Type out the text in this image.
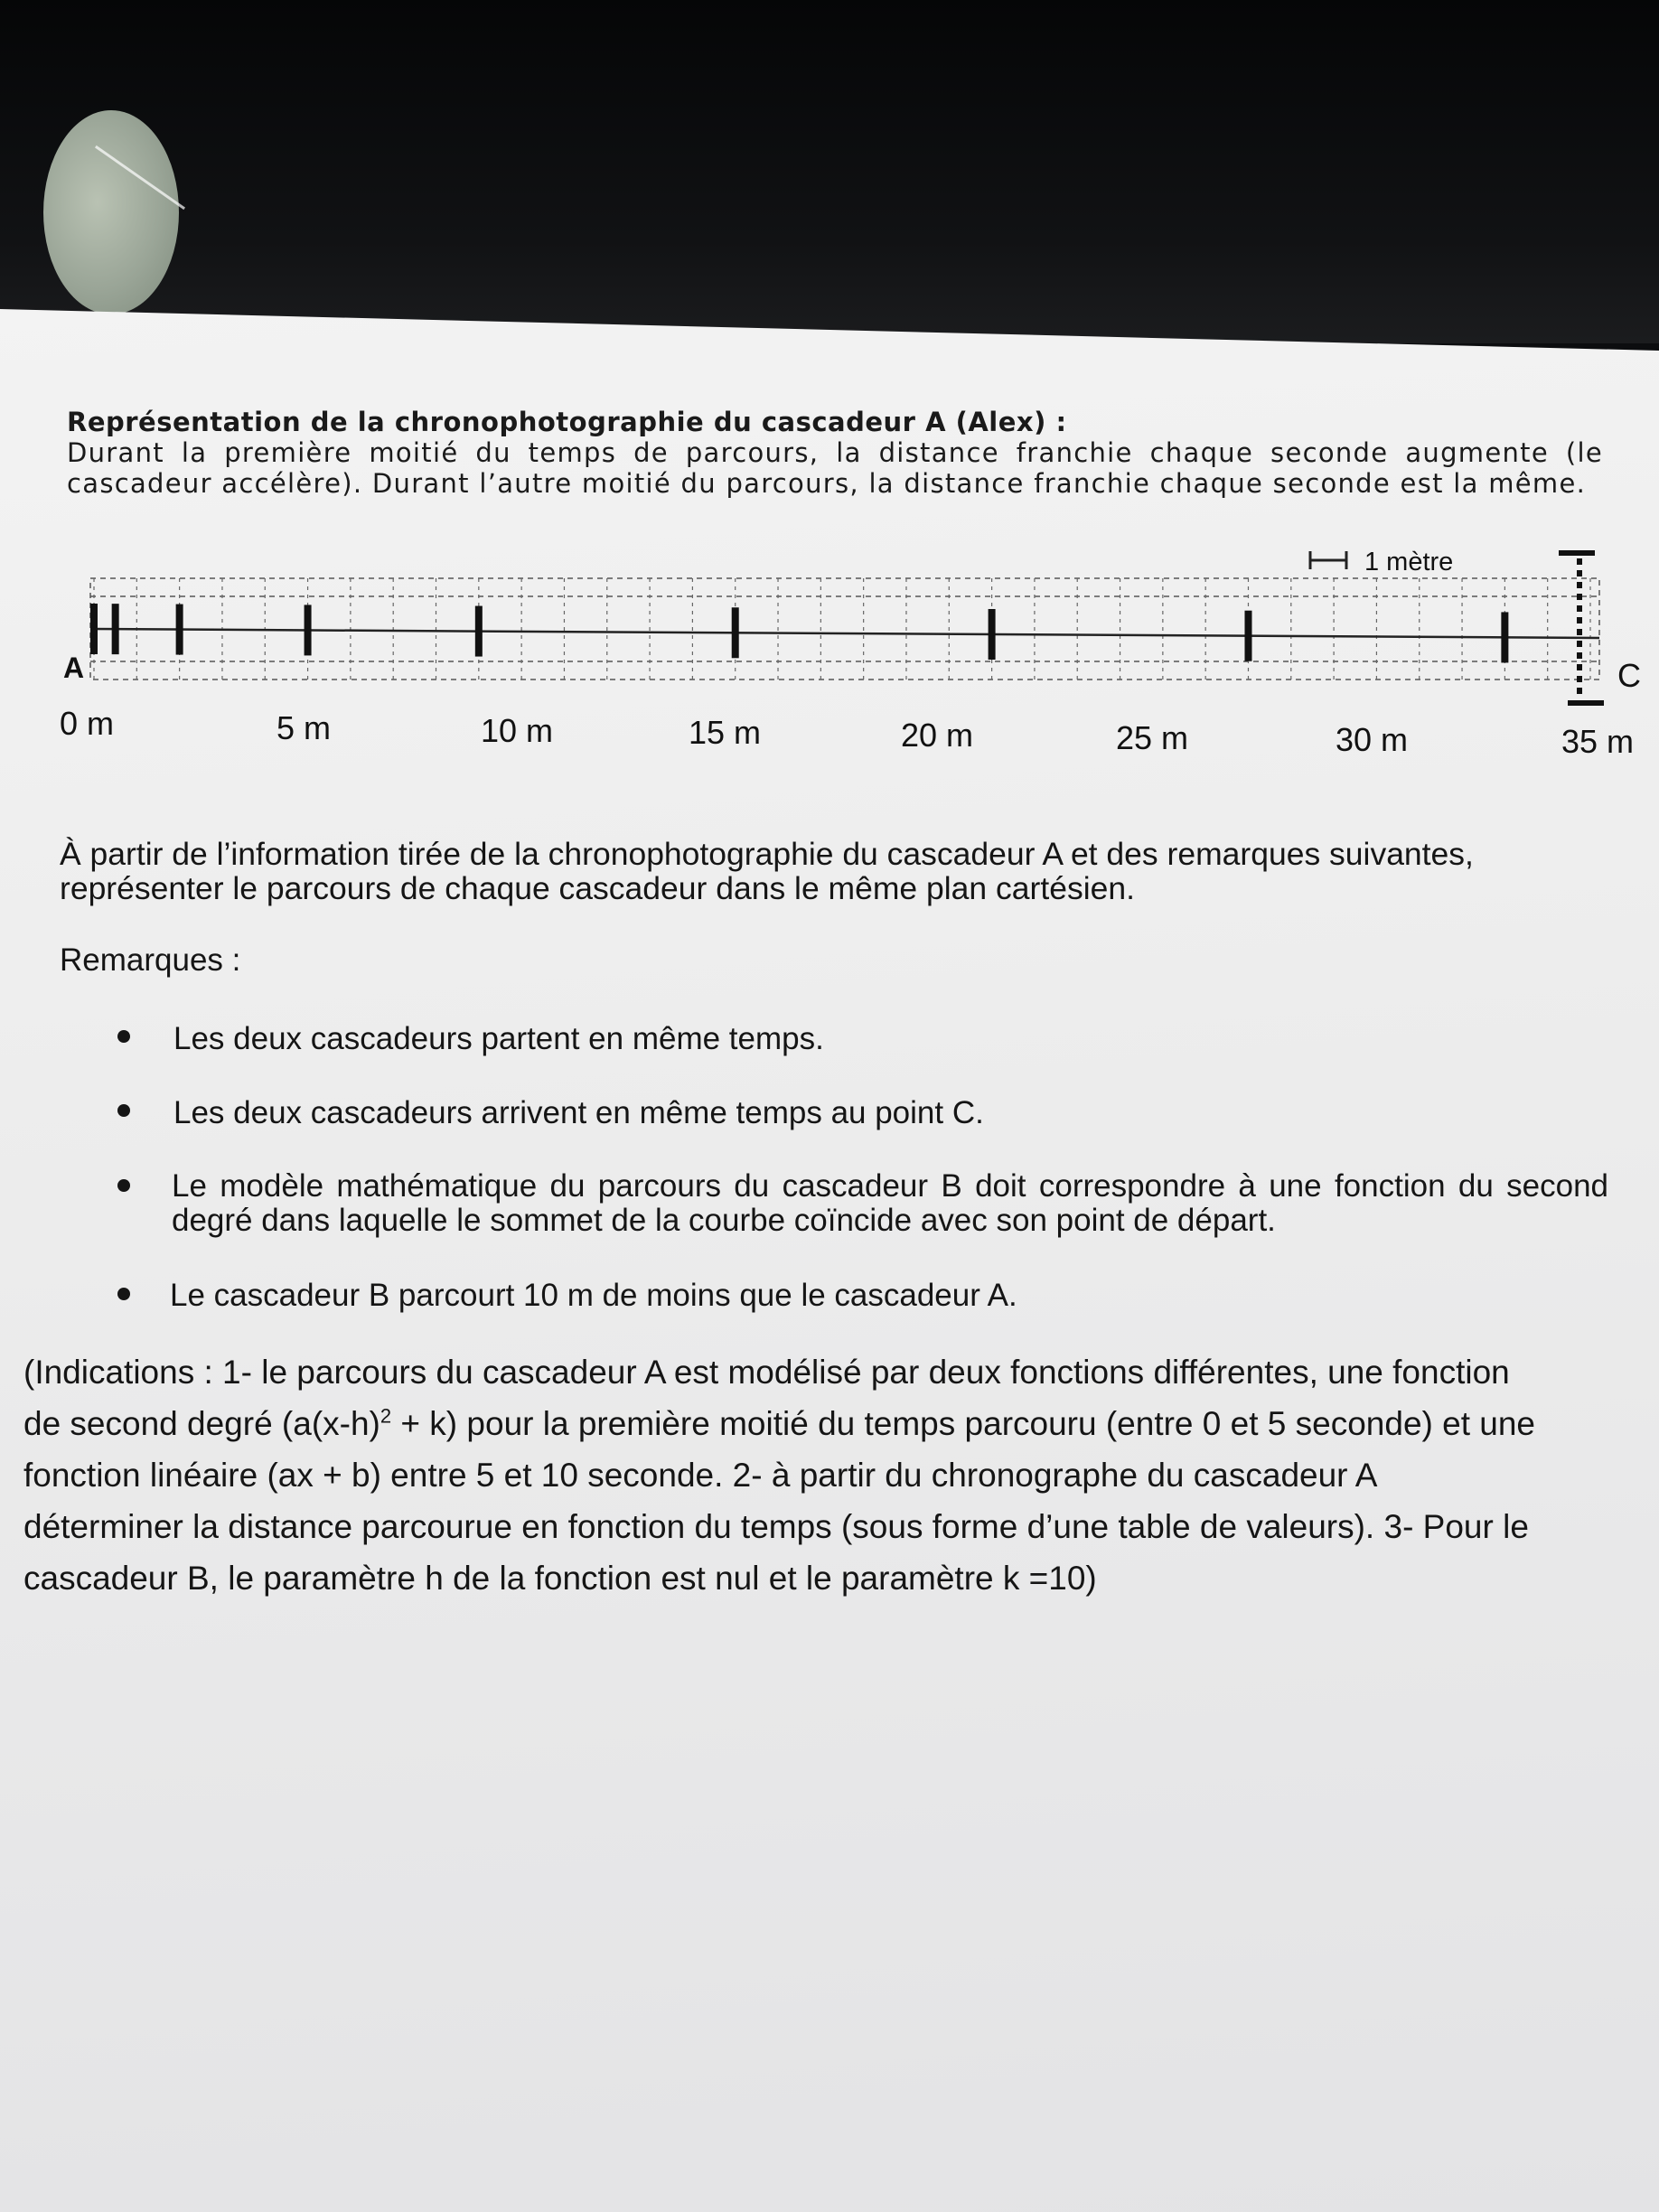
Représentation de la chronophotographie du cascadeur A (Alex) :

Durant la première moitié du temps de parcours, la distance franchie chaque seconde augmente (le cascadeur accélère). Durant l’autre moitié du parcours, la distance franchie chaque seconde est la même.

1 mètre
A	C
0 m	5 m	10 m	15 m	20 m	25 m	30 m	35 m

À partir de l’information tirée de la chronophotographie du cascadeur A et des remarques suivantes, représenter le parcours de chaque cascadeur dans le même plan cartésien.

Remarques :

Les deux cascadeurs partent en même temps.

Les deux cascadeurs arrivent en même temps au point C.

Le modèle mathématique du parcours du cascadeur B doit correspondre à une fonction du second degré dans laquelle le sommet de la courbe coïncide avec son point de départ.

Le cascadeur B parcourt 10 m de moins que le cascadeur A.

(Indications : 1- le parcours du cascadeur A est modélisé par deux fonctions différentes, une fonction de second degré $(a(x-h)^2 + k)$ pour la première moitié du temps parcouru (entre 0 et 5 seconde) et une fonction linéaire (ax + b) entre 5 et 10 seconde. 2- à partir du chronographe du cascadeur A déterminer la distance parcourue en fonction du temps (sous forme d’une table de valeurs). 3- Pour le cascadeur B, le paramètre h de la fonction est nul et le paramètre k =10)
